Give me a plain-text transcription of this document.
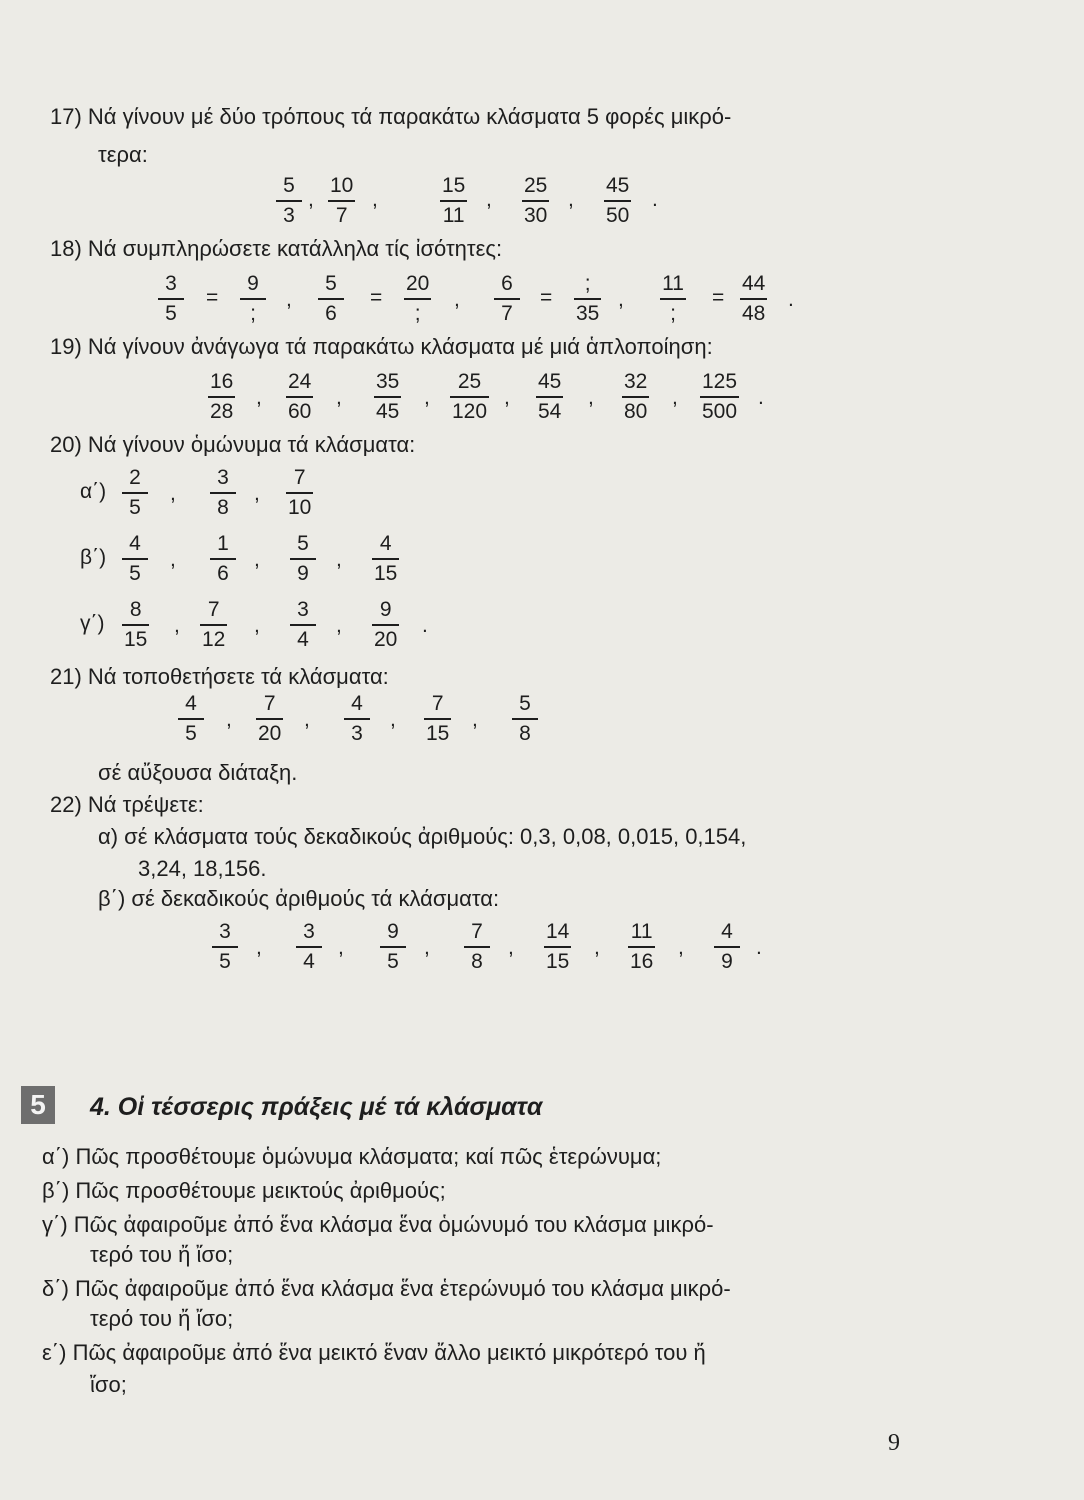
17) Νά γίνουν μέ δύο τρόπους τά παρακάτω κλάσματα 5 φορές μικρό-
τερα:
5
3
,
10
7
,
15
11
,
25
30
,
45
50
.
18) Νά συμπληρώσετε κατάλληλα τίς ἰσότητες:
3
5
=
9
;
,
5
6
=
20
;
,
6
7
=
;
35
,
11
;
=
44
48
.
19) Νά γίνουν ἀνάγωγα τά παρακάτω κλάσματα μέ μιά ἁπλοποίηση:
16
28
,
24
60
,
35
45
,
25
120
,
45
54
,
32
80
,
125
500
.
20) Νά γίνουν ὁμώνυμα τά κλάσματα:
α΄)
2
5
,
3
8
,
7
10
β΄)
4
5
,
1
6
,
5
9
,
4
15
γ΄)
8
15
,
7
12
,
3
4
,
9
20
.
21) Νά τοποθετήσετε τά κλάσματα:
4
5
,
7
20
,
4
3
,
7
15
,
5
8
σέ αὔξουσα διάταξη.
22) Νά τρέψετε:
α) σέ κλάσματα τούς δεκαδικούς ἀριθμούς: 0,3, 0,08, 0,015, 0,154,
3,24, 18,156.
β΄) σέ δεκαδικούς ἀριθμούς τά κλάσματα:
3
5
,
3
4
,
9
5
,
7
8
,
14
15
,
11
16
,
4
9
.
5	4. Οἱ τέσσερις πράξεις μέ τά κλάσματα
α΄) Πῶς προσθέτουμε ὁμώνυμα κλάσματα; καί πῶς ἑτερώνυμα;
β΄) Πῶς προσθέτουμε μεικτούς ἀριθμούς;
γ΄) Πῶς ἀφαιροῦμε ἀπό ἕνα κλάσμα ἕνα ὁμώνυμό του κλάσμα μικρό-
τερό του ἤ ἴσο;
δ΄) Πῶς ἀφαιροῦμε ἀπό ἕνα κλάσμα ἕνα ἑτερώνυμό του κλάσμα μικρό-
τερό του ἤ ἴσο;
ε΄) Πῶς ἀφαιροῦμε ἀπό ἕνα μεικτό ἕναν ἄλλο μεικτό μικρότερό του ἤ
ἴσο;
9
